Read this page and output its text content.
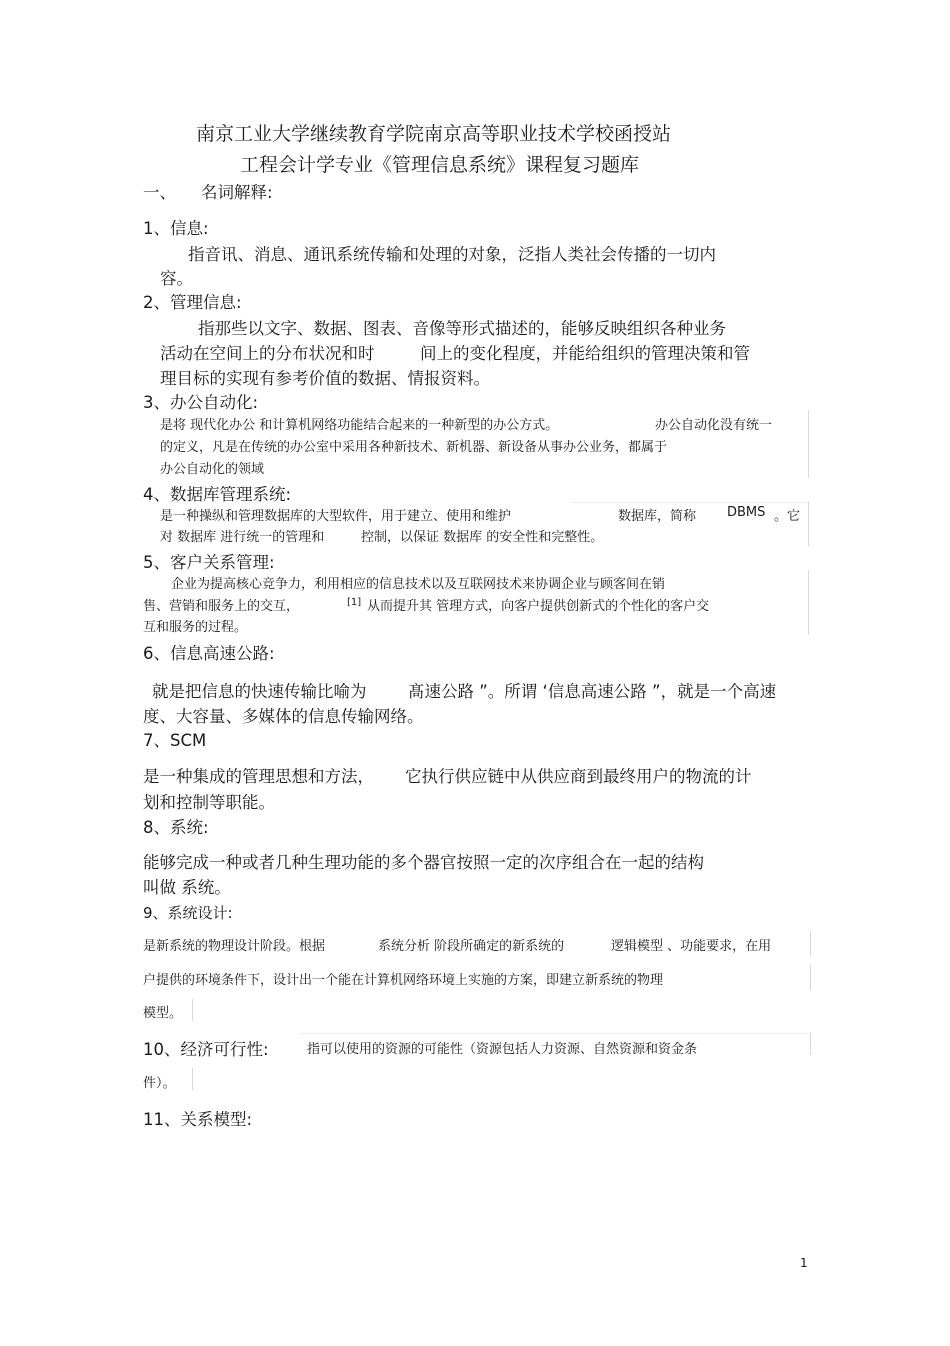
南京工业大学继续教育学院南京高等职业技术学校函授站
工程会计学专业《管理信息系统》课程复习题库
一、 名词解释:
1、信息:
指音讯、消息、通讯系统传输和处理的对象，泛指人类社会传播的一切内
容。
2、管理信息:
指那些以文字、数据、图表、音像等形式描述的，能够反映组织各种业务
活动在空间上的分布状况和时	间上的变化程度，并能给组织的管理决策和管
理目标的实现有参考价值的数据、情报资料。
3、办公自动化:
是将 现代化办公 和计算机网络功能结合起来的一种新型的办公方式。	办公自动化没有统一
的定义，凡是在传统的办公室中采用各种新技术、新机器、新设备从事办公业务，都属于
办公自动化的领域
4、数据库管理系统:
是一种操纵和管理数据库的大型软件，用于建立、使用和维护	数据库，简称 DBMS 。它
对 数据库 进行统一的管理和	控制，以保证 数据库 的安全性和完整性。
5、客户关系管理:
企业为提高核心竞争力，利用相应的信息技术以及互联网技术来协调企业与顾客间在销
售、营销和服务上的交互，	[1] 从而提升其 管理方式，向客户提供创新式的个性化的客户交
互和服务的过程。
6、信息高速公路:
就是把信息的快速传输比喻为	髙速公路 ”。所谓 ‘信息高速公路 ”，就是一个高速
度、大容量、多媒体的信息传输网络。
7、SCM
是一种集成的管理思想和方法， 它执行供应链中从供应商到最终用户的物流的计
划和控制等职能。
8、系统:
能够完成一种或者几种生理功能的多个器官按照一定的次序组合在一起的结构
叫做 系统。
9、系统设计:
是新系统的物理设计阶段。根据	系统分析 阶段所确定的新系统的	逻辑模型 、功能要求，在用
户提供的环境条件下，设计出一个能在计算机网络环境上实施的方案，即建立新系统的物理
模型。
10、经济可行性:	指可以使用的资源的可能性（资源包括人力资源、自然资源和资金条
件）。
11、关系模型:
1
